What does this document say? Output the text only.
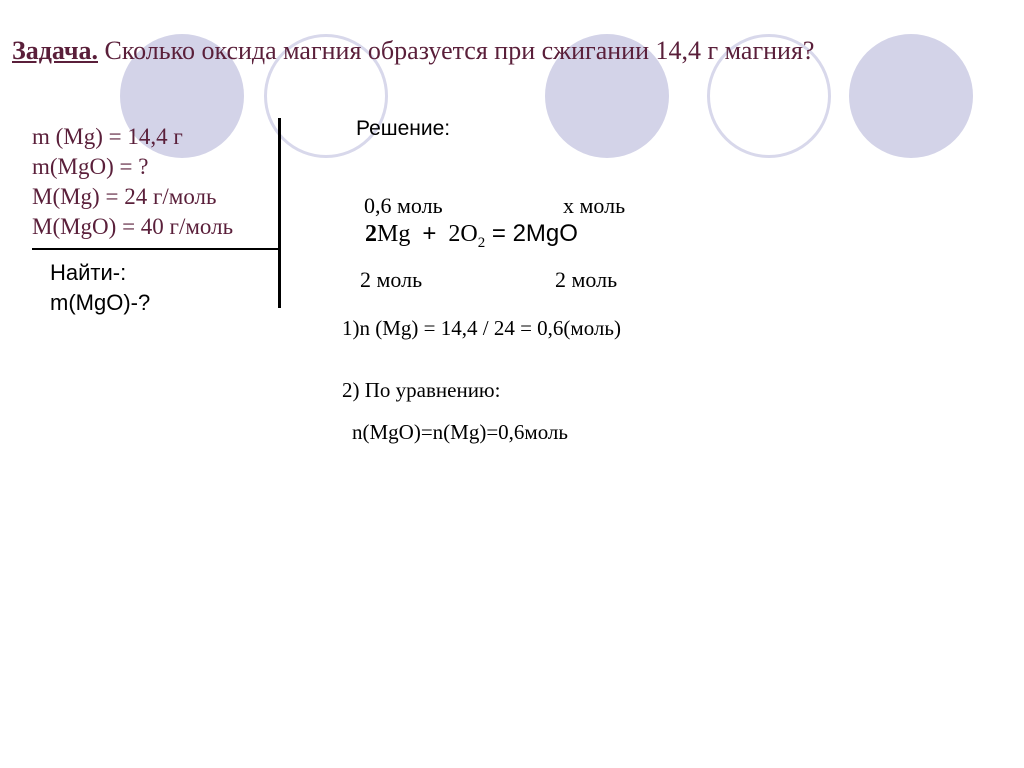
Задача. Сколько оксида магния образуется при сжигании 14,4 г магния?
m (Mg) = 14,4 г
m(MgO) = ?
M(Mg) = 24 г/моль
M(MgO) = 40 г/моль
Найти-:
m(MgO)-?
Решение:
0,6 моль	x моль
$2Mg + 2O_2 = 2MgO$
2 моль	2 моль
1)n (Mg) = 14,4 / 24 = 0,6(моль)
2) По уравнению:
n(MgO)=n(Mg)=0,6моль
